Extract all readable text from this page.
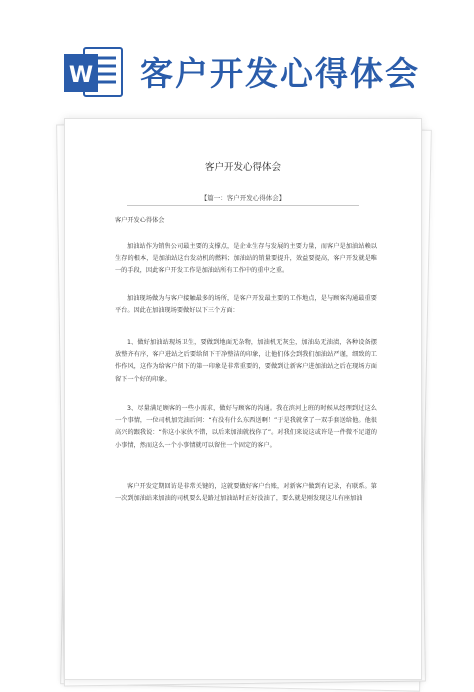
W 客户开发心得体会
客户开发心得体会
【篇一：客户开发心得体会】
客户开发心得体会
加油站作为销售公司最主要的支撑点，是企业生存与发展的主要力量，而客户是加油站赖以生存的根本，是加油站这台发动机的燃料；加油站的销量要提升，效益要提高，客户开发就是唯一的手段，因此客户开发工作是加油站所有工作中的重中之重。
加油现场做为与客户接触最多的场所，是客户开发最主要的工作地点，是与顾客沟通最重要平台。因此在加油现场要做好以下三个方面：
1、做好加油站现场卫生，要做到地面无杂物，加油机无灰尘，加油岛无油渍，各种设备摆放整齐有序，客户进站之后要给留下干净整洁的印象，让他们体会到我们加油站严谨，细致的工作作风，这作为给客户留下的第一印象是非常重要的，要做到让新客户进加油站之后在现场方面留下一个好的印象。
3、尽量满足顾客的一些小需求，做好与顾客的沟通。我在滨河上班的时候从经理到过这么一个事情，一位司机加完油后问：“有没有什么东西送啊！”于是我就拿了一双手套送给他。他很高兴的跟我说：“你这小家伙不错，以后来加油就找你了”。对我们来说这或许是一件微不足道的小事情，然而这么一个小事情就可以留住一个固定的客户。
客户开发定期回访是非常关键的，这就要做好客户台账，对新客户做到有记录，有联系。第一次到加油站来加油的司机要么是路过加油站时正好没油了，要么就是刚发现这儿有座加油
